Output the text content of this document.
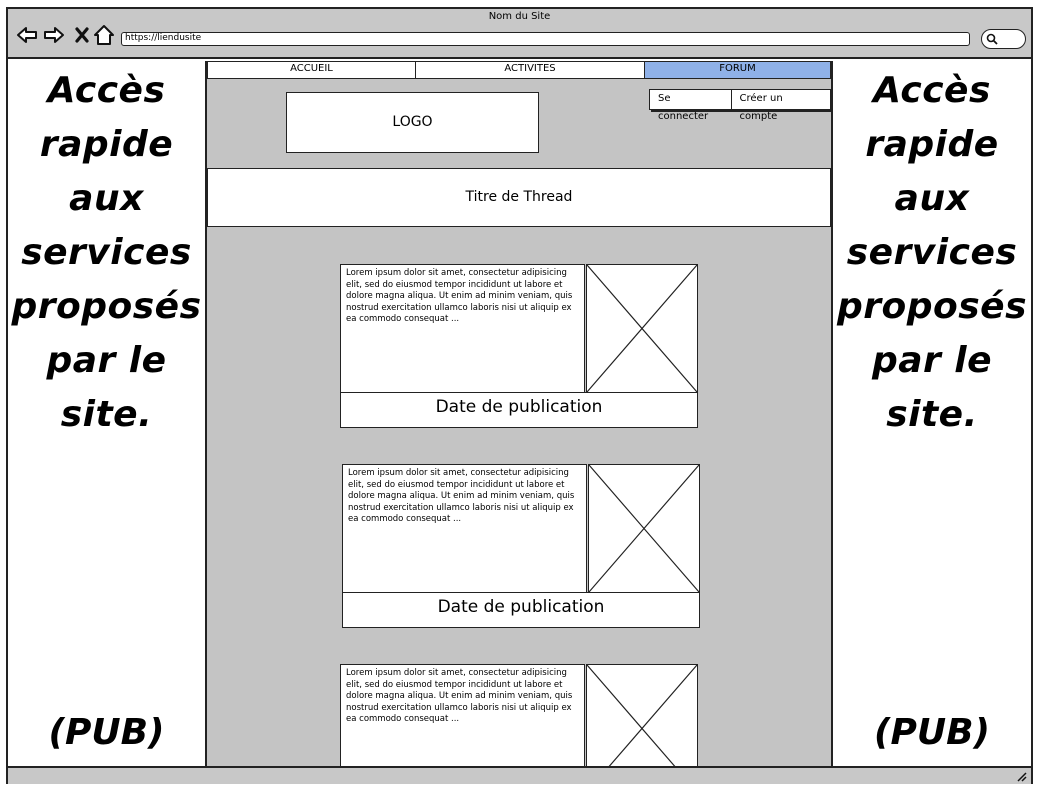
Nom du Site
https://liendusite
Accès
rapide
aux
services
proposés
par le
site.
(PUB)
ACCUEIL	ACTIVITES	FORUM
LOGO
Se connecter
Créer un compte
Titre de Thread
Lorem ipsum dolor sit amet, consectetur adipisicing elit, sed do eiusmod tempor incididunt ut labore et dolore magna aliqua. Ut enim ad minim veniam, quis nostrud exercitation ullamco laboris nisi ut aliquip ex ea commodo consequat ...
Date de publication
Lorem ipsum dolor sit amet, consectetur adipisicing elit, sed do eiusmod tempor incididunt ut labore et dolore magna aliqua. Ut enim ad minim veniam, quis nostrud exercitation ullamco laboris nisi ut aliquip ex ea commodo consequat ...
Date de publication
Lorem ipsum dolor sit amet, consectetur adipisicing elit, sed do eiusmod tempor incididunt ut labore et dolore magna aliqua. Ut enim ad minim veniam, quis nostrud exercitation ullamco laboris nisi ut aliquip ex ea commodo consequat ...
Accès
rapide
aux
services
proposés
par le
site.
(PUB)
